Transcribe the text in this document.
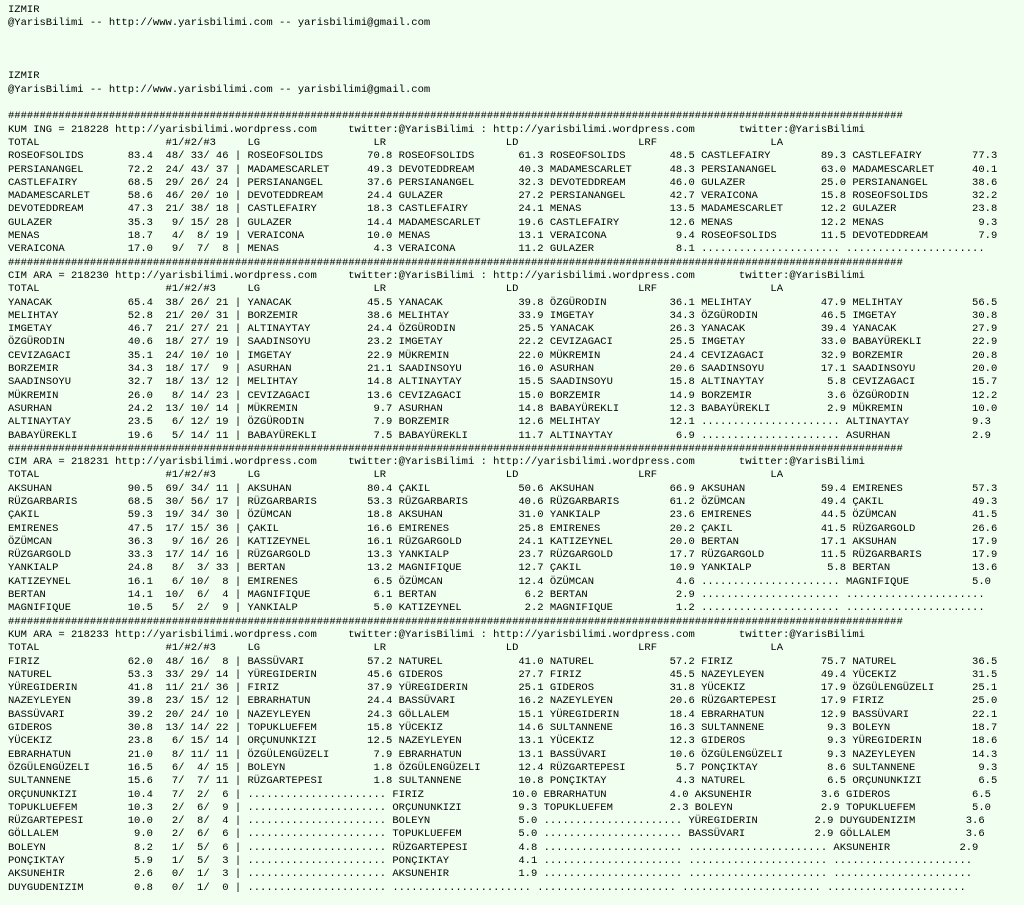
IZMIR
@YarisBilimi -- http://www.yarisbilimi.com -- yarisbilimi@gmail.com
IZMIR
@YarisBilimi -- http://www.yarisbilimi.com -- yarisbilimi@gmail.com
##############################################################################################################################################
KUM ING = 218228 http://yarisbilimi.wordpress.com     twitter:@YarisBilimi : http://yarisbilimi.wordpress.com       twitter:@YarisBilimi
TOTAL                    #1/#2/#3     LG                  LR                   LD                   LRF                  LA
ROSEOFSOLIDS       83.4  48/ 33/ 46 | ROSEOFSOLIDS       70.8 ROSEOFSOLIDS       61.3 ROSEOFSOLIDS       48.5 CASTLEFAIRY        89.3 CASTLEFAIRY        77.3
PERSIANANGEL       72.2  24/ 43/ 37 | MADAMESCARLET      49.3 DEVOTEDDREAM       40.3 MADAMESCARLET      48.3 PERSIANANGEL       63.0 MADAMESCARLET      40.1
CASTLEFAIRY        68.5  29/ 26/ 24 | PERSIANANGEL       37.6 PERSIANANGEL       32.3 DEVOTEDDREAM       46.0 GULAZER            25.0 PERSIANANGEL       38.6
MADAMESCARLET      58.6  46/ 20/ 10 | DEVOTEDDREAM       24.4 GULAZER            27.2 PERSIANANGEL       42.7 VERAICONA          15.8 ROSEOFSOLIDS       32.2
DEVOTEDDREAM       47.3  21/ 38/ 18 | CASTLEFAIRY        18.3 CASTLEFAIRY        24.1 MENAS              13.5 MADAMESCARLET      12.2 GULAZER            23.8
GULAZER            35.3   9/ 15/ 28 | GULAZER            14.4 MADAMESCARLET      19.6 CASTLEFAIRY        12.6 MENAS              12.2 MENAS               9.3
MENAS              18.7   4/  8/ 19 | VERAICONA          10.0 MENAS              13.1 VERAICONA           9.4 ROSEOFSOLIDS       11.5 DEVOTEDDREAM        7.9
VERAICONA          17.0   9/  7/  8 | MENAS               4.3 VERAICONA          11.2 GULAZER             8.1 ...................... ......................
##############################################################################################################################################
CIM ARA = 218230 http://yarisbilimi.wordpress.com     twitter:@YarisBilimi : http://yarisbilimi.wordpress.com       twitter:@YarisBilimi
TOTAL                    #1/#2/#3     LG                  LR                   LD                   LRF                  LA
YANACAK            65.4  38/ 26/ 21 | YANACAK            45.5 YANACAK            39.8 ÖZGÜRODIN          36.1 MELIHTAY           47.9 MELIHTAY           56.5
MELIHTAY           52.8  21/ 20/ 31 | BORZEMIR           38.6 MELIHTAY           33.9 IMGETAY            34.3 ÖZGÜRODIN          46.5 IMGETAY            30.8
IMGETAY            46.7  21/ 27/ 21 | ALTINAYTAY         24.4 ÖZGÜRODIN          25.5 YANACAK            26.3 YANACAK            39.4 YANACAK            27.9
ÖZGÜRODIN          40.6  18/ 27/ 19 | SAADINSOYU         23.2 IMGETAY            22.2 CEVIZAGACI         25.5 IMGETAY            33.0 BABAYÜREKLI        22.9
CEVIZAGACI         35.1  24/ 10/ 10 | IMGETAY            22.9 MÜKREMIN           22.0 MÜKREMIN           24.4 CEVIZAGACI         32.9 BORZEMIR           20.8
BORZEMIR           34.3  18/ 17/  9 | ASURHAN            21.1 SAADINSOYU         16.0 ASURHAN            20.6 SAADINSOYU         17.1 SAADINSOYU         20.0
SAADINSOYU         32.7  18/ 13/ 12 | MELIHTAY           14.8 ALTINAYTAY         15.5 SAADINSOYU         15.8 ALTINAYTAY          5.8 CEVIZAGACI         15.7
MÜKREMIN           26.0   8/ 14/ 23 | CEVIZAGACI         13.6 CEVIZAGACI         15.0 BORZEMIR           14.9 BORZEMIR            3.6 ÖZGÜRODIN          12.2
ASURHAN            24.2  13/ 10/ 14 | MÜKREMIN            9.7 ASURHAN            14.8 BABAYÜREKLI        12.3 BABAYÜREKLI         2.9 MÜKREMIN           10.0
ALTINAYTAY         23.5   6/ 12/ 19 | ÖZGÜRODIN           7.9 BORZEMIR           12.6 MELIHTAY           12.1 ...................... ALTINAYTAY          9.3
BABAYÜREKLI        19.6   5/ 14/ 11 | BABAYÜREKLI         7.5 BABAYÜREKLI        11.7 ALTINAYTAY          6.9 ...................... ASURHAN             2.9
##############################################################################################################################################
CIM ARA = 218231 http://yarisbilimi.wordpress.com     twitter:@YarisBilimi : http://yarisbilimi.wordpress.com       twitter:@YarisBilimi
TOTAL                    #1/#2/#3     LG                  LR                   LD                   LRF                  LA
AKSUHAN            90.5  69/ 34/ 11 | AKSUHAN            80.4 ÇAKIL              50.6 AKSUHAN            66.9 AKSUHAN            59.4 EMIRENES           57.3
RÜZGARBARIS        68.5  30/ 56/ 17 | RÜZGARBARIS        53.3 RÜZGARBARIS        40.6 RÜZGARBARIS        61.2 ÖZÜMCAN            49.4 ÇAKIL              49.3
ÇAKIL              59.3  19/ 34/ 30 | ÖZÜMCAN            18.8 AKSUHAN            31.0 YANKIALP           23.6 EMIRENES           44.5 ÖZÜMCAN            41.5
EMIRENES           47.5  17/ 15/ 36 | ÇAKIL              16.6 EMIRENES           25.8 EMIRENES           20.2 ÇAKIL              41.5 RÜZGARGOLD         26.6
ÖZÜMCAN            36.3   9/ 16/ 26 | KATIZEYNEL         16.1 RÜZGARGOLD         24.1 KATIZEYNEL         20.0 BERTAN             17.1 AKSUHAN            17.9
RÜZGARGOLD         33.3  17/ 14/ 16 | RÜZGARGOLD         13.3 YANKIALP           23.7 RÜZGARGOLD         17.7 RÜZGARGOLD         11.5 RÜZGARBARIS        17.9
YANKIALP           24.8   8/  3/ 33 | BERTAN             13.2 MAGNIFIQUE         12.7 ÇAKIL              10.9 YANKIALP            5.8 BERTAN             13.6
KATIZEYNEL         16.1   6/ 10/  8 | EMIRENES            6.5 ÖZÜMCAN            12.4 ÖZÜMCAN             4.6 ...................... MAGNIFIQUE          5.0
BERTAN             14.1  10/  6/  4 | MAGNIFIQUE          6.1 BERTAN              6.2 BERTAN              2.9 ...................... ......................
MAGNIFIQUE         10.5   5/  2/  9 | YANKIALP            5.0 KATIZEYNEL          2.2 MAGNIFIQUE          1.2 ...................... ......................
##############################################################################################################################################
KUM ARA = 218233 http://yarisbilimi.wordpress.com     twitter:@YarisBilimi : http://yarisbilimi.wordpress.com       twitter:@YarisBilimi
TOTAL                    #1/#2/#3     LG                  LR                   LD                   LRF                  LA
FIRIZ              62.0  48/ 16/  8 | BASSÜVARI          57.2 NATUREL            41.0 NATUREL            57.2 FIRIZ              75.7 NATUREL            36.5
NATUREL            53.3  33/ 29/ 14 | YÜREGIDERIN        45.6 GIDEROS            27.7 FIRIZ              45.5 NAZEYLEYEN         49.4 YÜCEKIZ            31.5
YÜREGIDERIN        41.8  11/ 21/ 36 | FIRIZ              37.9 YÜREGIDERIN        25.1 GIDEROS            31.8 YÜCEKIZ            17.9 ÖZGÜLENGÜZELI      25.1
NAZEYLEYEN         39.8  23/ 15/ 12 | EBRARHATUN         24.4 BASSÜVARI          16.2 NAZEYLEYEN         20.6 RÜZGARTEPESI       17.9 FIRIZ              25.0
BASSÜVARI          39.2  20/ 24/ 10 | NAZEYLEYEN         24.3 GÖLLALEM           15.1 YÜREGIDERIN        18.4 EBRARHATUN         12.9 BASSÜVARI          22.1
GIDEROS            30.8  13/ 14/ 22 | TOPUKLUEFEM        15.8 YÜCEKIZ            14.6 SULTANNENE         16.3 SULTANNENE          9.3 BOLEYN             18.7
YÜCEKIZ            23.8   6/ 15/ 14 | ORÇUNUNKIZI        12.5 NAZEYLEYEN         13.1 YÜCEKIZ            12.3 GIDEROS             9.3 YÜREGIDERIN        18.6
EBRARHATUN         21.0   8/ 11/ 11 | ÖZGÜLENGÜZELI       7.9 EBRARHATUN         13.1 BASSÜVARI          10.6 ÖZGÜLENGÜZELI       9.3 NAZEYLEYEN         14.3
ÖZGÜLENGÜZELI      16.5   6/  4/ 15 | BOLEYN              1.8 ÖZGÜLENGÜZELI      12.4 RÜZGARTEPESI        5.7 PONÇIKTAY           8.6 SULTANNENE          9.3
SULTANNENE         15.6   7/  7/ 11 | RÜZGARTEPESI        1.8 SULTANNENE         10.8 PONÇIKTAY           4.3 NATUREL             6.5 ORÇUNUNKIZI         6.5
ORÇUNUNKIZI        10.4   7/  2/  6 | ...................... FIRIZ              10.0 EBRARHATUN          4.0 AKSUNEHIR           3.6 GIDEROS             6.5
TOPUKLUEFEM        10.3   2/  6/  9 | ...................... ORÇUNUNKIZI         9.3 TOPUKLUEFEM         2.3 BOLEYN              2.9 TOPUKLUEFEM         5.0
RÜZGARTEPESI       10.0   2/  8/  4 | ...................... BOLEYN              5.0 ...................... YÜREGIDERIN         2.9 DUYGUDENIZIM        3.6
GÖLLALEM            9.0   2/  6/  6 | ...................... TOPUKLUEFEM         5.0 ...................... BASSÜVARI           2.9 GÖLLALEM            3.6
BOLEYN              8.2   1/  5/  6 | ...................... RÜZGARTEPESI        4.8 ...................... ...................... AKSUNEHIR           2.9
PONÇIKTAY           5.9   1/  5/  3 | ...................... PONÇIKTAY           4.1 ...................... ...................... ......................
AKSUNEHIR           2.6   0/  1/  3 | ...................... AKSUNEHIR           1.9 ...................... ...................... ......................
DUYGUDENIZIM        0.8   0/  1/  0 | ...................... ...................... ...................... ...................... ......................
